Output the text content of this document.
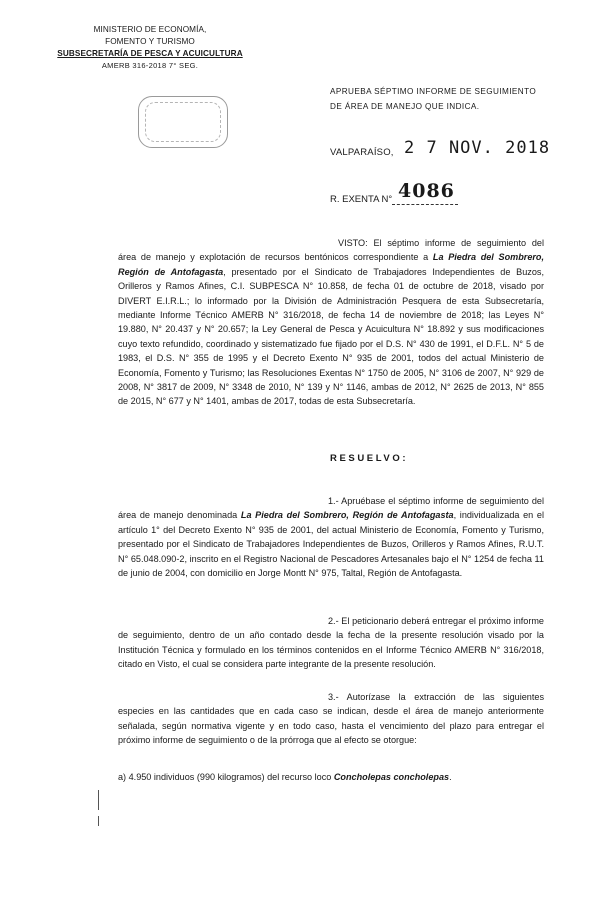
MINISTERIO DE ECONOMÍA,
FOMENTO Y TURISMO
SUBSECRETARÍA DE PESCA Y ACUICULTURA
AMERB 316-2018 7° SEG.
APRUEBA SÉPTIMO INFORME DE SEGUIMIENTO
DE ÁREA DE MANEJO QUE INDICA.
VALPARAÍSO, 2 7 NOV. 2018
R. EXENTA N° 4086
VISTO: El séptimo informe de seguimiento del área de manejo y explotación de recursos bentónicos correspondiente a La Piedra del Sombrero, Región de Antofagasta, presentado por el Sindicato de Trabajadores Independientes de Buzos, Orilleros y Ramos Afines, C.I. SUBPESCA N° 10.858, de fecha 01 de octubre de 2018, visado por DIVERT E.I.R.L.; lo informado por la División de Administración Pesquera de esta Subsecretaría, mediante Informe Técnico AMERB N° 316/2018, de fecha 14 de noviembre de 2018; las Leyes N° 19.880, N° 20.437 y N° 20.657; la Ley General de Pesca y Acuicultura N° 18.892 y sus modificaciones cuyo texto refundido, coordinado y sistematizado fue fijado por el D.S. N° 430 de 1991, el D.F.L. N° 5 de 1983, el D.S. N° 355 de 1995 y el Decreto Exento N° 935 de 2001, todos del actual Ministerio de Economía, Fomento y Turismo; las Resoluciones Exentas N° 1750 de 2005, N° 3106 de 2007, N° 929 de 2008, N° 3817 de 2009, N° 3348 de 2010, N° 139 y N° 1146, ambas de 2012, N° 2625 de 2013, N° 855 de 2015, N° 677 y N° 1401, ambas de 2017, todas de esta Subsecretaría.
RESUELVO:
1.- Apruébase el séptimo informe de seguimiento del área de manejo denominada La Piedra del Sombrero, Región de Antofagasta, individualizada en el artículo 1° del Decreto Exento N° 935 de 2001, del actual Ministerio de Economía, Fomento y Turismo, presentado por el Sindicato de Trabajadores Independientes de Buzos, Orilleros y Ramos Afines, R.U.T. N° 65.048.090-2, inscrito en el Registro Nacional de Pescadores Artesanales bajo el N° 1254 de fecha 11 de junio de 2004, con domicilio en Jorge Montt N° 975, Taltal, Región de Antofagasta.
2.- El peticionario deberá entregar el próximo informe de seguimiento, dentro de un año contado desde la fecha de la presente resolución visado por la Institución Técnica y formulado en los términos contenidos en el Informe Técnico AMERB N° 316/2018, citado en Visto, el cual se considera parte integrante de la presente resolución.
3.- Autorízase la extracción de las siguientes especies en las cantidades que en cada caso se indican, desde el área de manejo anteriormente señalada, según normativa vigente y en todo caso, hasta el vencimiento del plazo para entregar el próximo informe de seguimiento o de la prórroga que al efecto se otorgue:
a) 4.950 individuos (990 kilogramos) del recurso loco Concholepas concholepas.
